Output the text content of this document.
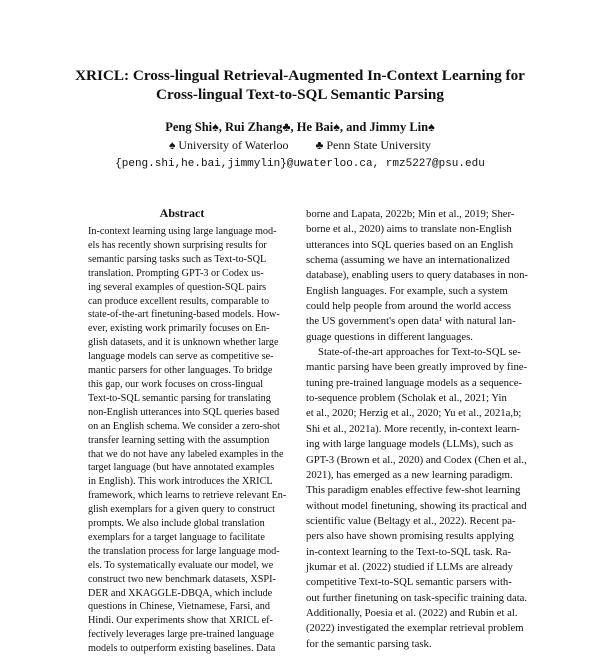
XRICL: Cross-lingual Retrieval-Augmented In-Context Learning for
Cross-lingual Text-to-SQL Semantic Parsing
Peng Shi♠, Rui Zhang♣, He Bai♠, and Jimmy Lin♠
♠ University of Waterloo ♣ Penn State University
{peng.shi,he.bai,jimmylin}@uwaterloo.ca, rmz5227@psu.edu
Abstract
In-context learning using large language mod-
els has recently shown surprising results for
semantic parsing tasks such as Text-to-SQL
translation. Prompting GPT-3 or Codex us-
ing several examples of question-SQL pairs
can produce excellent results, comparable to
state-of-the-art finetuning-based models. How-
ever, existing work primarily focuses on En-
glish datasets, and it is unknown whether large
language models can serve as competitive se-
mantic parsers for other languages. To bridge
this gap, our work focuses on cross-lingual
Text-to-SQL semantic parsing for translating
non-English utterances into SQL queries based
on an English schema. We consider a zero-shot
transfer learning setting with the assumption
that we do not have any labeled examples in the
target language (but have annotated examples
in English). This work introduces the XRICL
framework, which learns to retrieve relevant En-
glish exemplars for a given query to construct
prompts. We also include global translation
exemplars for a target language to facilitate
the translation process for large language mod-
els. To systematically evaluate our model, we
construct two new benchmark datasets, XSPI-
DER and XKAGGLE-DBQA, which include
questions in Chinese, Vietnamese, Farsi, and
Hindi. Our experiments show that XRICL ef-
fectively leverages large pre-trained language
models to outperform existing baselines. Data
borne and Lapata, 2022b; Min et al., 2019; Sher-
borne et al., 2020) aims to translate non-English
utterances into SQL queries based on an English
schema (assuming we have an internationalized
database), enabling users to query databases in non-
English languages. For example, such a system
could help people from around the world access
the US government's open data¹ with natural lan-
guage questions in different languages.
State-of-the-art approaches for Text-to-SQL se-
mantic parsing have been greatly improved by fine-
tuning pre-trained language models as a sequence-
to-sequence problem (Scholak et al., 2021; Yin
et al., 2020; Herzig et al., 2020; Yu et al., 2021a,b;
Shi et al., 2021a). More recently, in-context learn-
ing with large language models (LLMs), such as
GPT-3 (Brown et al., 2020) and Codex (Chen et al.,
2021), has emerged as a new learning paradigm.
This paradigm enables effective few-shot learning
without model finetuning, showing its practical and
scientific value (Beltagy et al., 2022). Recent pa-
pers also have shown promising results applying
in-context learning to the Text-to-SQL task. Ra-
jkumar et al. (2022) studied if LLMs are already
competitive Text-to-SQL semantic parsers with-
out further finetuning on task-specific training data.
Additionally, Poesia et al. (2022) and Rubin et al.
(2022) investigated the exemplar retrieval problem
for the semantic parsing task.
